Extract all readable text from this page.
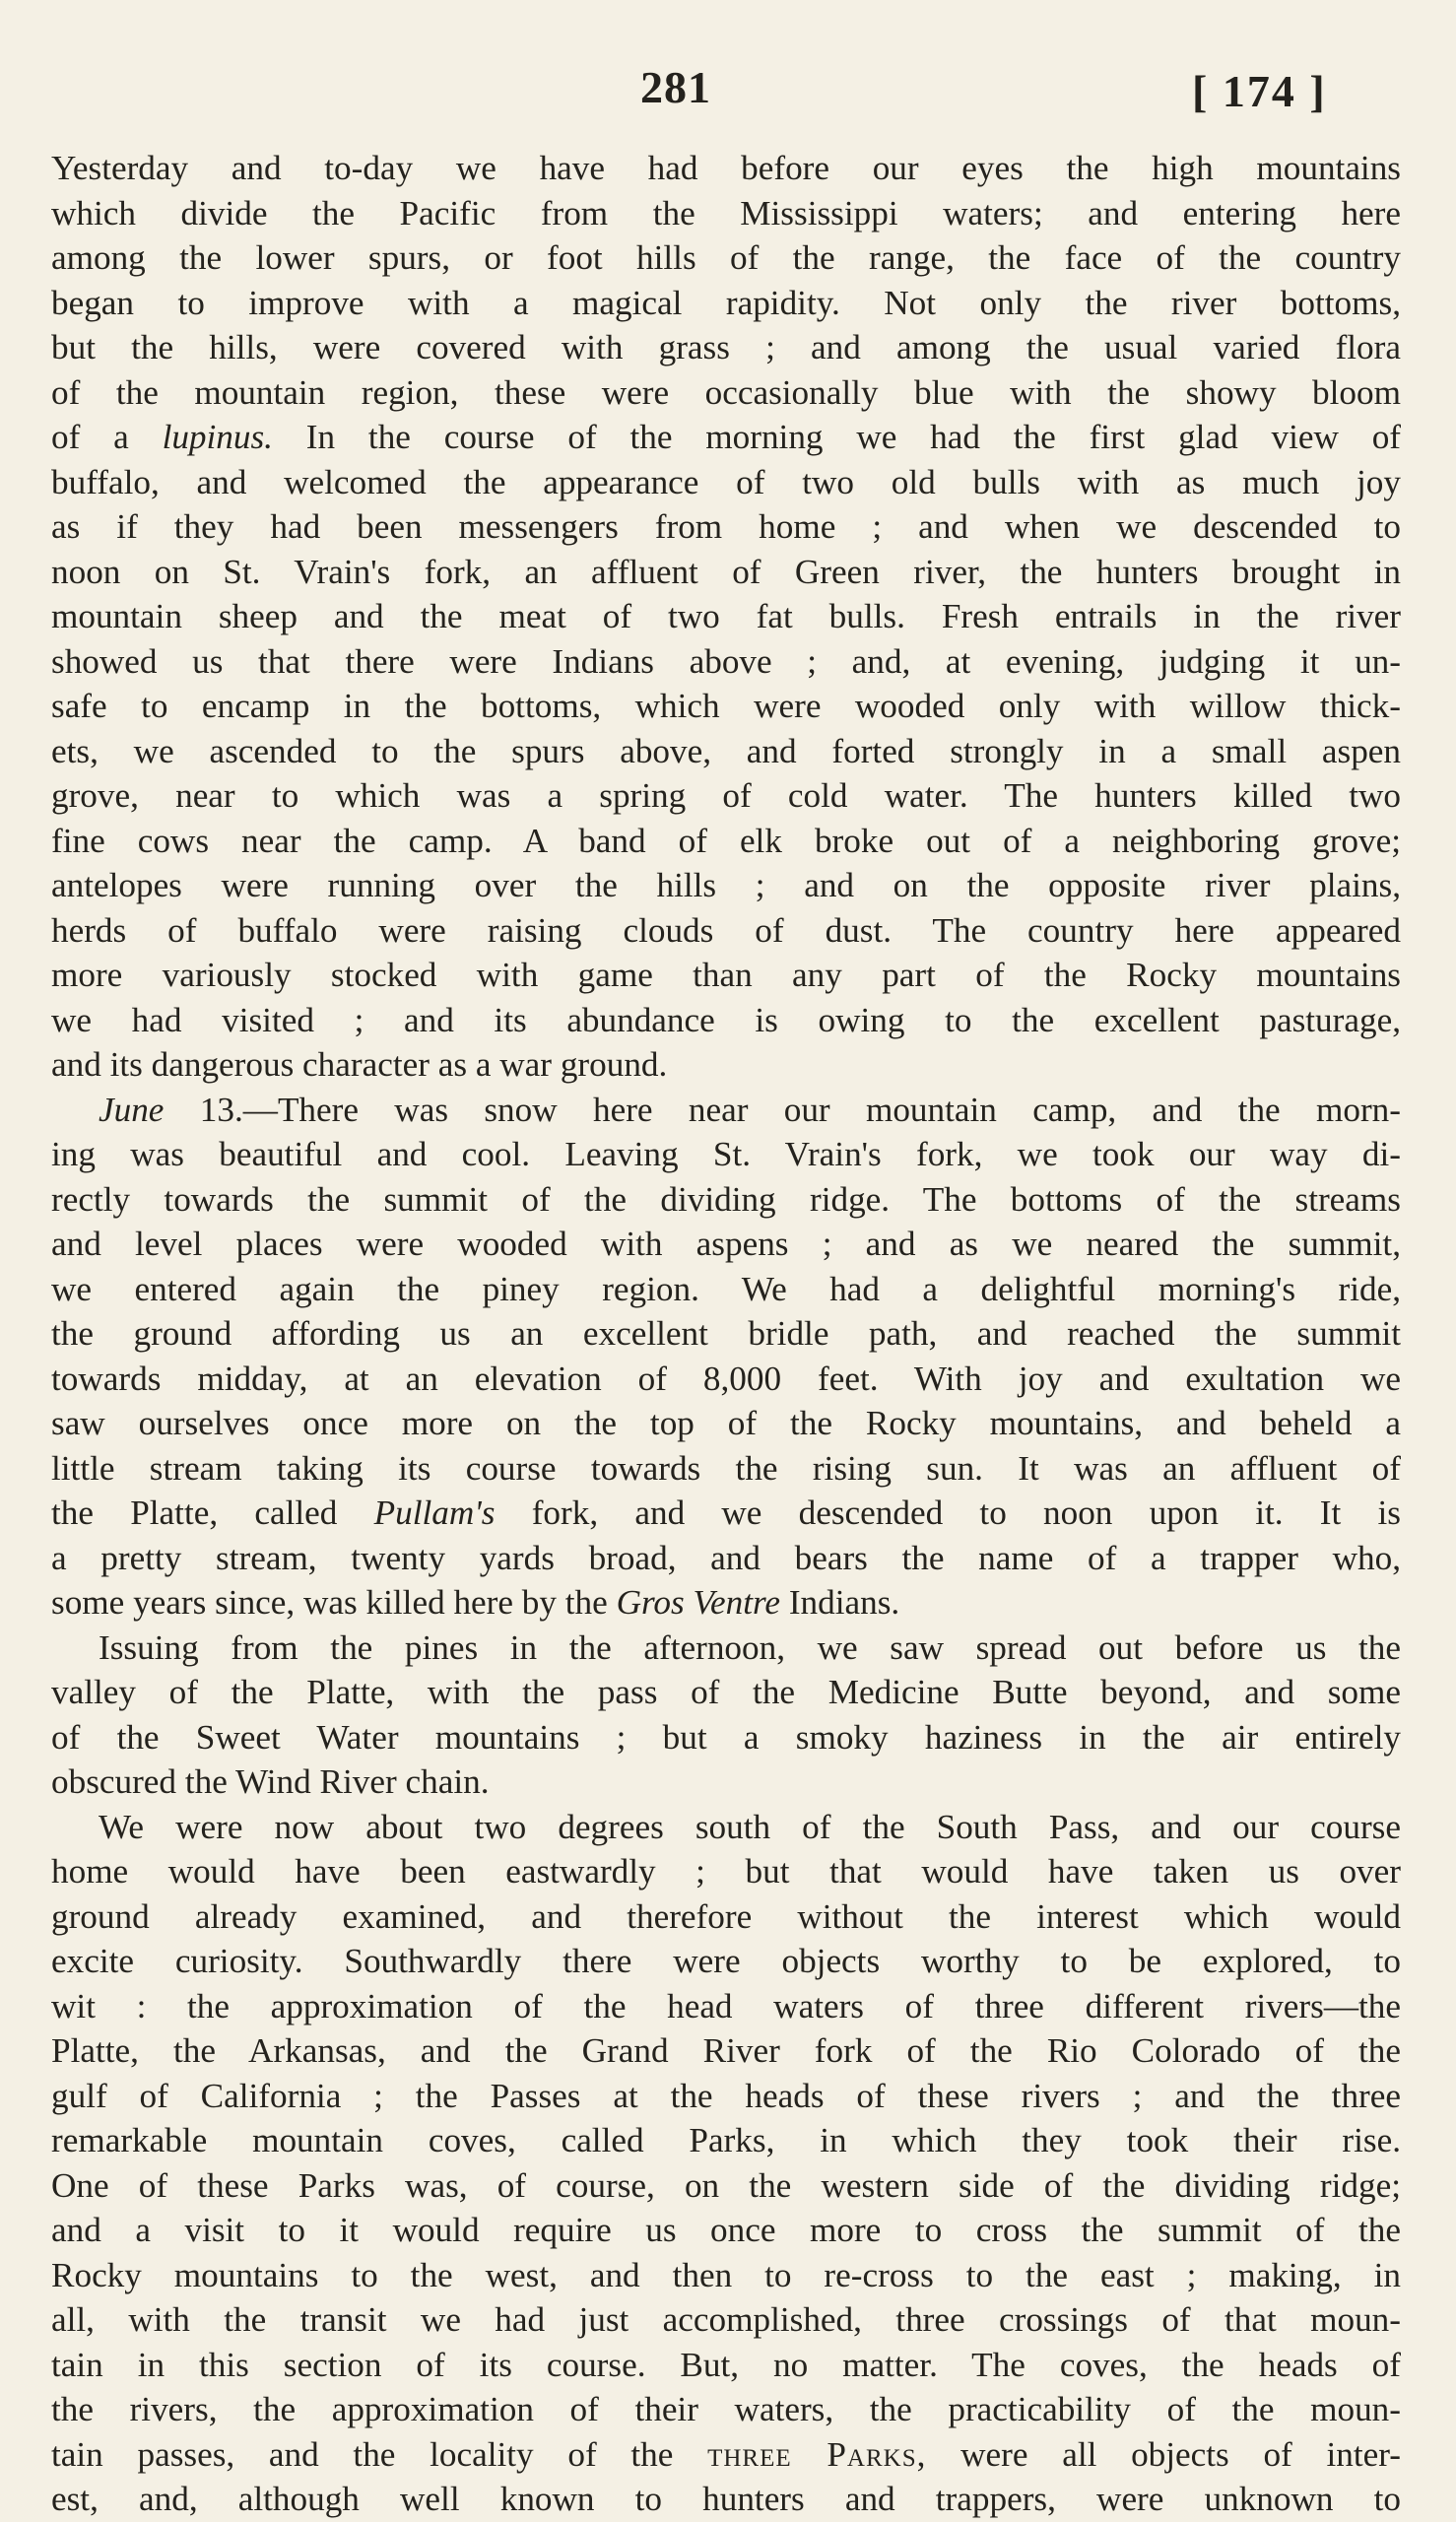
281	[ 174 ]
Yesterday and to-day we have had before our eyes the high mountains
which divide the Pacific from the Mississippi waters; and entering here
among the lower spurs, or foot hills of the range, the face of the country
began to improve with a magical rapidity. Not only the river bottoms,
but the hills, were covered with grass ; and among the usual varied flora
of the mountain region, these were occasionally blue with the showy bloom
of a lupinus. In the course of the morning we had the first glad view of
buffalo, and welcomed the appearance of two old bulls with as much joy
as if they had been messengers from home ; and when we descended to
noon on St. Vrain's fork, an affluent of Green river, the hunters brought in
mountain sheep and the meat of two fat bulls. Fresh entrails in the river
showed us that there were Indians above ; and, at evening, judging it un-
safe to encamp in the bottoms, which were wooded only with willow thick-
ets, we ascended to the spurs above, and forted strongly in a small aspen
grove, near to which was a spring of cold water. The hunters killed two
fine cows near the camp. A band of elk broke out of a neighboring grove;
antelopes were running over the hills ; and on the opposite river plains,
herds of buffalo were raising clouds of dust. The country here appeared
more variously stocked with game than any part of the Rocky mountains
we had visited ; and its abundance is owing to the excellent pasturage,
and its dangerous character as a war ground.
June 13.—There was snow here near our mountain camp, and the morn-
ing was beautiful and cool. Leaving St. Vrain's fork, we took our way di-
rectly towards the summit of the dividing ridge. The bottoms of the streams
and level places were wooded with aspens ; and as we neared the summit,
we entered again the piney region. We had a delightful morning's ride,
the ground affording us an excellent bridle path, and reached the summit
towards midday, at an elevation of 8,000 feet. With joy and exultation we
saw ourselves once more on the top of the Rocky mountains, and beheld a
little stream taking its course towards the rising sun. It was an affluent of
the Platte, called Pullam's fork, and we descended to noon upon it. It is
a pretty stream, twenty yards broad, and bears the name of a trapper who,
some years since, was killed here by the Gros Ventre Indians.
Issuing from the pines in the afternoon, we saw spread out before us the
valley of the Platte, with the pass of the Medicine Butte beyond, and some
of the Sweet Water mountains ; but a smoky haziness in the air entirely
obscured the Wind River chain.
We were now about two degrees south of the South Pass, and our course
home would have been eastwardly ; but that would have taken us over
ground already examined, and therefore without the interest which would
excite curiosity. Southwardly there were objects worthy to be explored, to
wit : the approximation of the head waters of three different rivers—the
Platte, the Arkansas, and the Grand River fork of the Rio Colorado of the
gulf of California ; the Passes at the heads of these rivers ; and the three
remarkable mountain coves, called Parks, in which they took their rise.
One of these Parks was, of course, on the western side of the dividing ridge;
and a visit to it would require us once more to cross the summit of the
Rocky mountains to the west, and then to re-cross to the east ; making, in
all, with the transit we had just accomplished, three crossings of that moun-
tain in this section of its course. But, no matter. The coves, the heads of
the rivers, the approximation of their waters, the practicability of the moun-
tain passes, and the locality of the three Parks, were all objects of inter-
est, and, although well known to hunters and trappers, were unknown to
